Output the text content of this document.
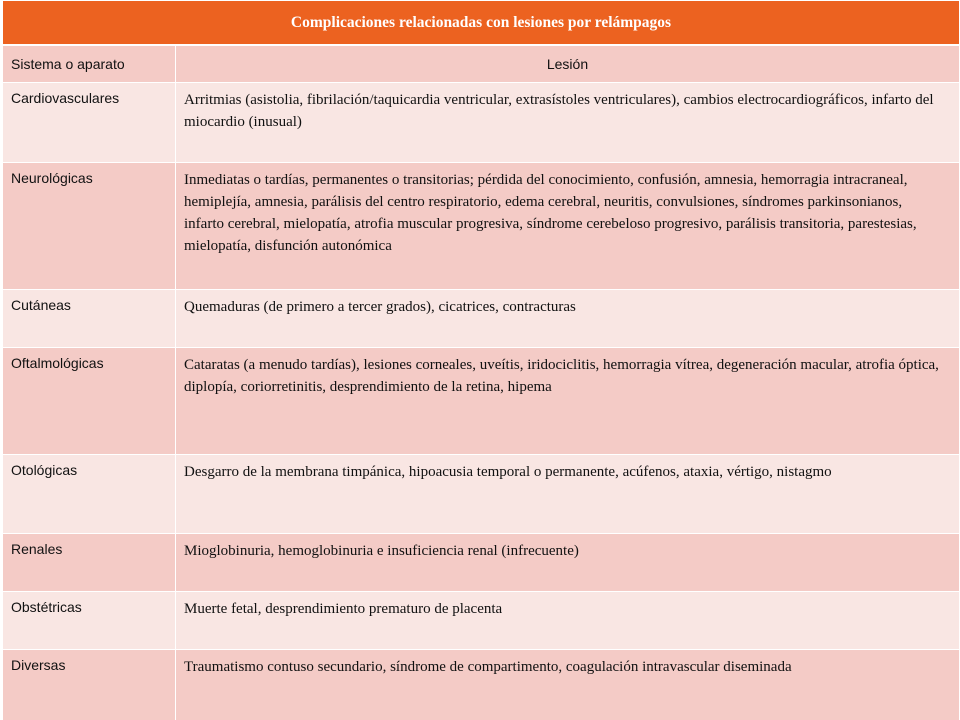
Complicaciones relacionadas con lesiones por relámpagos	
Sistema o aparato	Lesión
Cardiovasculares	Arritmias (asistolia, fibrilación/taquicardia ventricular, extrasístoles ventriculares), cambios electrocardiográficos, infarto del miocardio (inusual)
Neurológicas	Inmediatas o tardías, permanentes o transitorias; pérdida del conocimiento, confusión, amnesia, hemorragia intracraneal, hemiplejía, amnesia, parálisis del centro respiratorio, edema cerebral, neuritis, convulsiones, síndromes parkinsonianos, infarto cerebral, mielopatía, atrofia muscular progresiva, síndrome cerebeloso progresivo, parálisis transitoria, parestesias, mielopatía, disfunción autonómica
Cutáneas	Quemaduras (de primero a tercer grados), cicatrices, contracturas
Oftalmológicas	Cataratas (a menudo tardías), lesiones corneales, uveítis, iridociclitis, hemorragia vítrea, degeneración macular, atrofia óptica, diplopía, coriorretinitis, desprendimiento de la retina, hipema
Otológicas	Desgarro de la membrana timpánica, hipoacusia temporal o permanente, acúfenos, ataxia, vértigo, nistagmo
Renales	Mioglobinuria, hemoglobinuria e insuficiencia renal (infrecuente)
Obstétricas	Muerte fetal, desprendimiento prematuro de placenta
Diversas	Traumatismo contuso secundario, síndrome de compartimento, coagulación intravascular diseminada
